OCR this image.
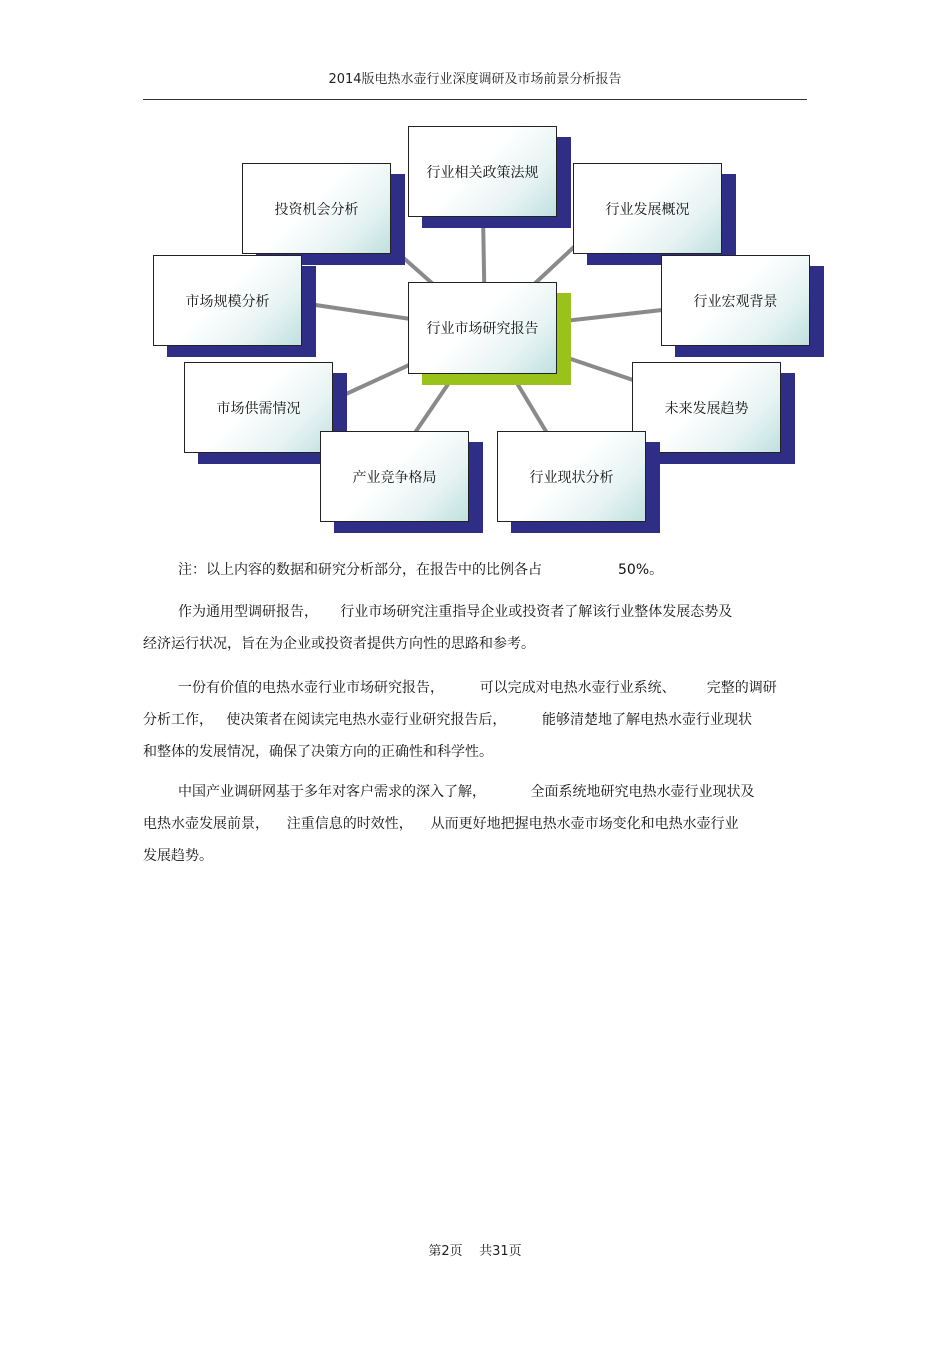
2014版电热水壶行业深度调研及市场前景分析报告
行业相关政策法规
投资机会分析	行业发展概况
市场规模分析	行业宏观背景
行业市场研究报告
市场供需情况	未来发展趋势
产业竞争格局	行业现状分析
注：以上内容的数据和研究分析部分，在报告中的比例各占	50%。

作为通用型调研报告，     行业市场研究注重指导企业或投资者了解该行业整体发展态势及

经济运行状况，旨在为企业或投资者提供方向性的思路和参考。

一份有价值的电热水壶行业市场研究报告，        可以完成对电热水壶行业系统、       完整的调研

分析工作，   使决策者在阅读完电热水壶行业研究报告后，        能够清楚地了解电热水壶行业现状

和整体的发展情况，确保了决策方向的正确性和科学性。

中国产业调研网基于多年对客户需求的深入了解，          全面系统地研究电热水壶行业现状及

电热水壶发展前景，    注重信息的时效性，    从而更好地把握电热水壶市场变化和电热水壶行业

发展趋势。

第2页    共31页
